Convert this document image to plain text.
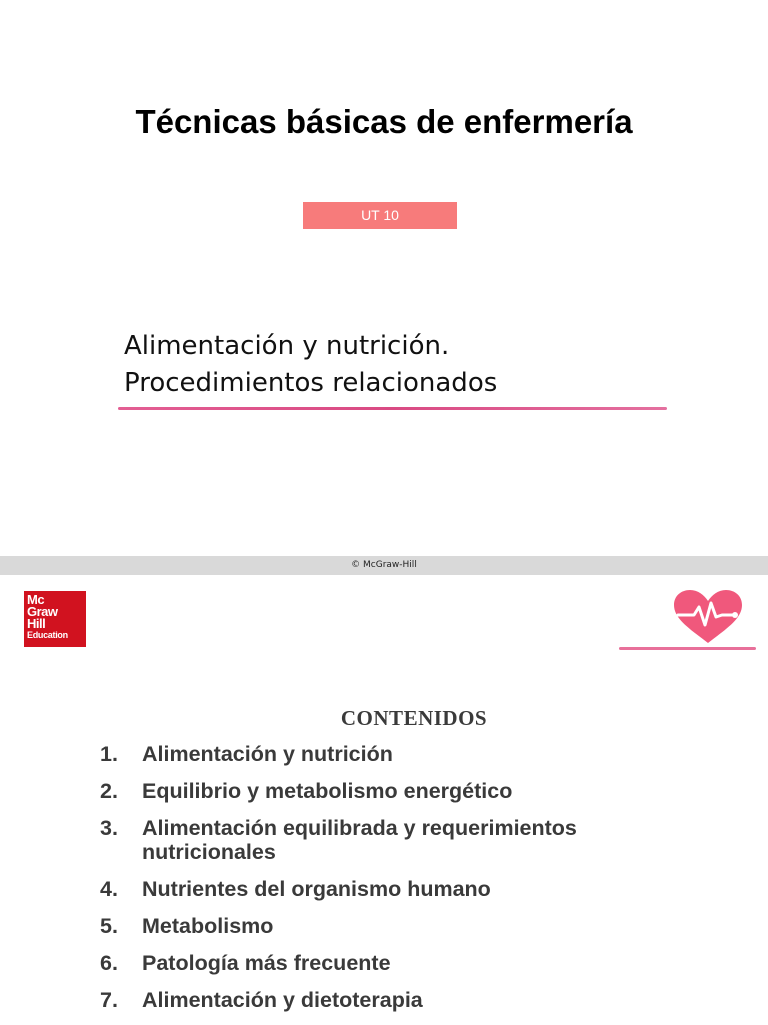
Técnicas básicas de enfermería
UT 10
Alimentación y nutrición.
Procedimientos relacionados
© McGraw-Hill
Mc
Graw
Hill
Education
CONTENIDOS
1.	Alimentación y nutrición
2.	Equilibrio y metabolismo energético
3.	Alimentación equilibrada y requerimientos nutricionales
4.	Nutrientes del organismo humano
5.	Metabolismo
6.	Patología más frecuente
7.	Alimentación y dietoterapia
